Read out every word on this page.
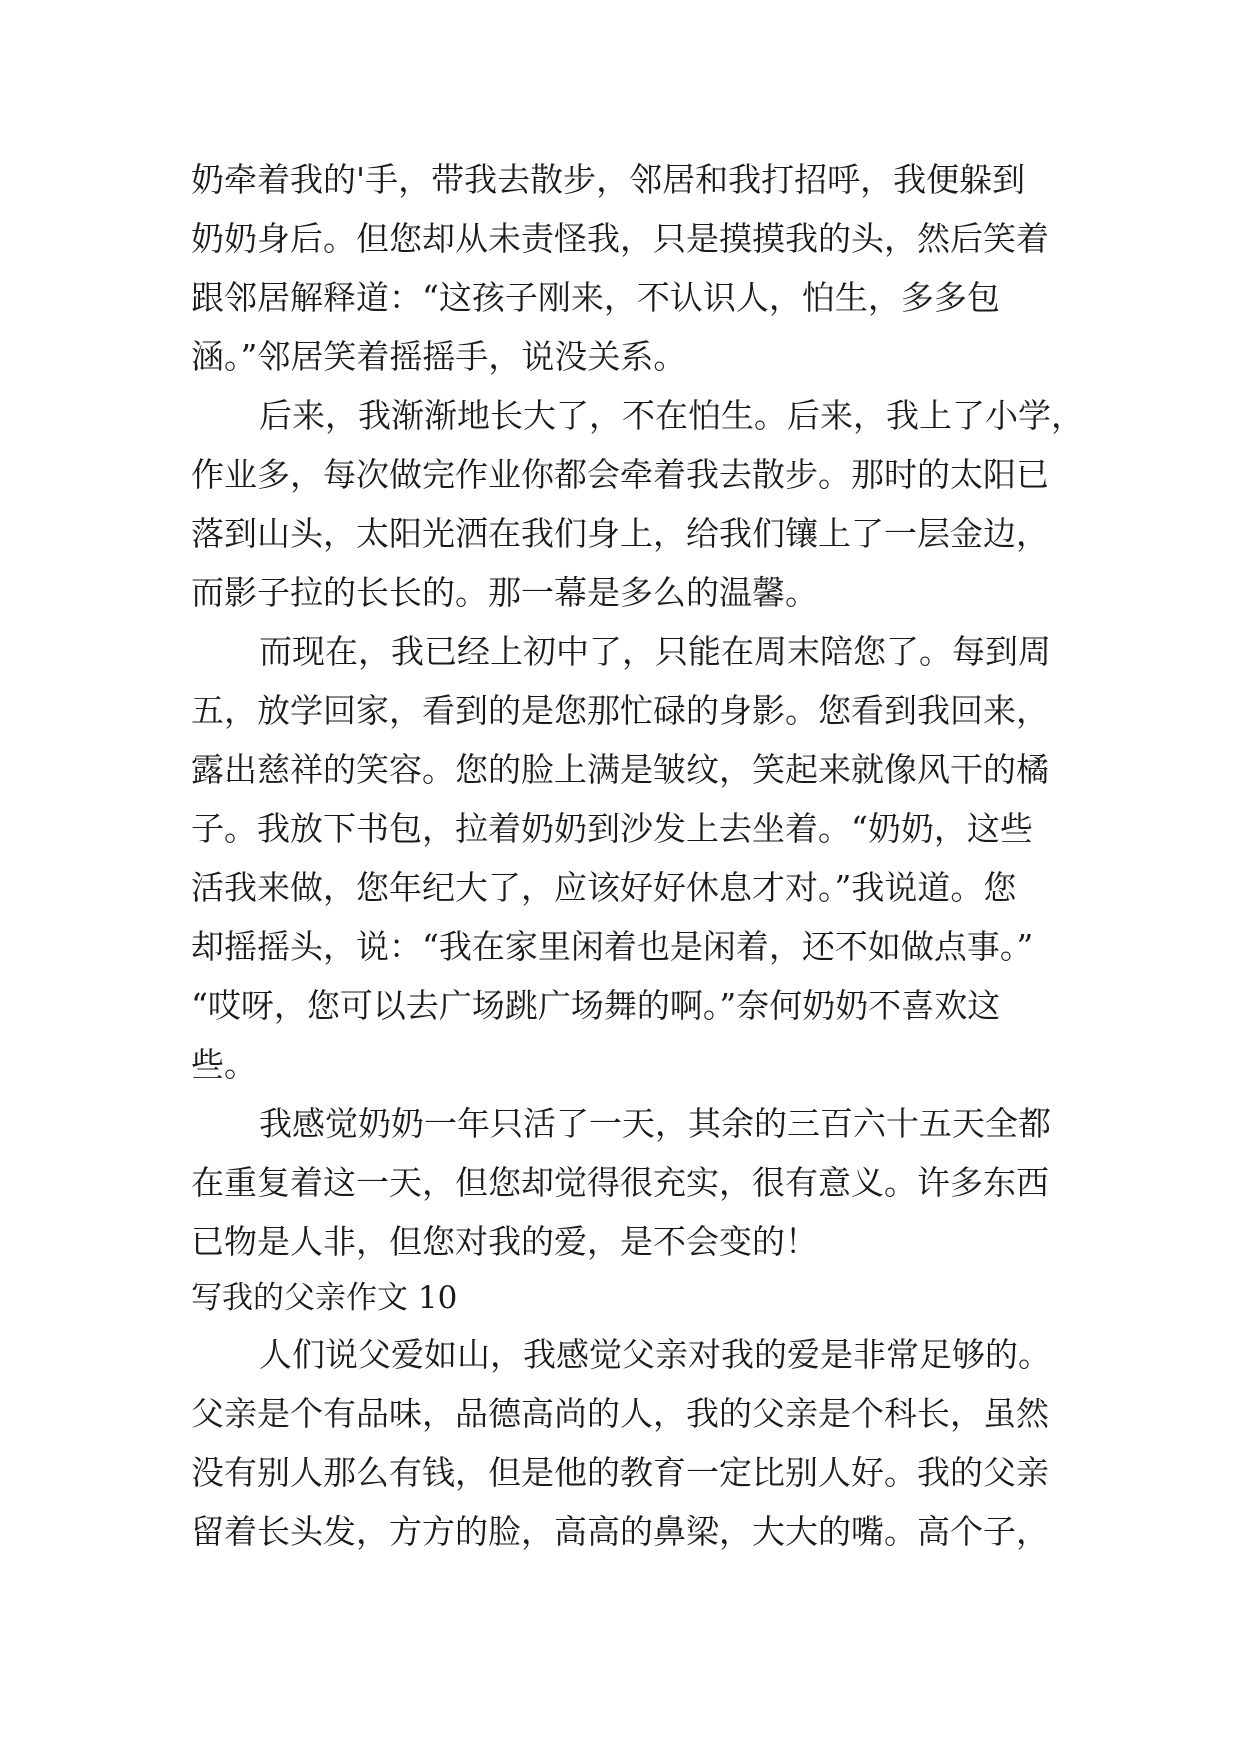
奶牵着我的'手，带我去散步，邻居和我打招呼，我便躲到
奶奶身后。但您却从未责怪我，只是摸摸我的头，然后笑着
跟邻居解释道：“这孩子刚来，不认识人，怕生，多多包
涵。”邻居笑着摇摇手，说没关系。
后来，我渐渐地长大了，不在怕生。后来，我上了小学，
作业多，每次做完作业你都会牵着我去散步。那时的太阳已
落到山头，太阳光洒在我们身上，给我们镶上了一层金边，
而影子拉的长长的。那一幕是多么的温馨。
而现在，我已经上初中了，只能在周末陪您了。每到周
五，放学回家，看到的是您那忙碌的身影。您看到我回来，
露出慈祥的笑容。您的脸上满是皱纹，笑起来就像风干的橘
子。我放下书包，拉着奶奶到沙发上去坐着。“奶奶，这些
活我来做，您年纪大了，应该好好休息才对。”我说道。您
却摇摇头，说：“我在家里闲着也是闲着，还不如做点事。”
“哎呀，您可以去广场跳广场舞的啊。”奈何奶奶不喜欢这
些。
我感觉奶奶一年只活了一天，其余的三百六十五天全都
在重复着这一天，但您却觉得很充实，很有意义。许多东西
已物是人非，但您对我的爱，是不会变的！
写我的父亲作文 10
人们说父爱如山，我感觉父亲对我的爱是非常足够的。
父亲是个有品味，品德高尚的人，我的父亲是个科长，虽然
没有别人那么有钱，但是他的教育一定比别人好。我的父亲
留着长头发，方方的脸，高高的鼻梁，大大的嘴。高个子，
